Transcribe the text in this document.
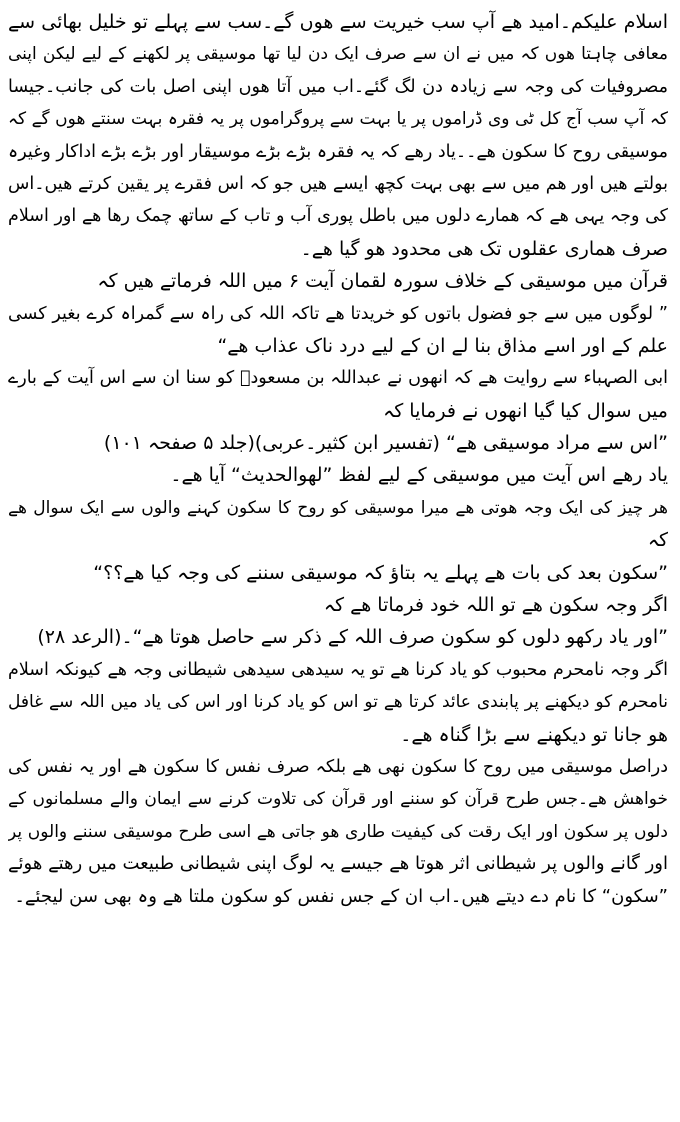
اسلام علیکم۔امید ھے آپ سب خیریت سے ھوں گے۔سب سے پہلے تو خلیل بھائی سے
معافی چاہتا ھوں کہ میں نے ان سے صرف ایک دن لیا تھا موسیقی پر لکھنے کے لیے لیکن اپنی
مصروفیات کی وجہ سے زیادہ دن لگ گئے۔اب میں آتا ھوں اپنی اصل بات کی جانب۔جیسا
کہ آپ سب آج کل ٹی وی ڈراموں پر یا بہت سے پروگراموں پر یہ فقرہ بہت سنتے ھوں گے کہ
موسیقی روح کا سکون ھے۔۔یاد رھے کہ یہ فقرہ بڑے بڑے موسیقار اور بڑے بڑے اداکار وغیرہ
بولتے ھیں اور ھم میں سے بھی بہت کچھ ایسے ھیں جو کہ اس فقرے پر یقین کرتے ھیں۔اس
کی وجہ یہی ھے کہ ھمارے دلوں میں باطل پوری آب و تاب کے ساتھ چمک رھا ھے اور اسلام
صرف ھماری عقلوں تک ھی محدود ھو گیا ھے۔
قرآن میں موسیقی کے خلاف سورہ لقمان آیت ۶ میں اللہ فرماتے ھیں کہ
” لوگوں میں سے جو فضول باتوں کو خریدتا ھے تاکہ اللہ کی راہ سے گمراہ کرے بغیر کسی
علم کے اور اسے مذاق بنا لے ان کے لیے درد ناک عذاب ھے“
ابی الصہباء سے روایت ھے کہ انھوں نے عبداللہ بن مسعودؓ کو سنا ان سے اس آیت کے بارے
میں سوال کیا گیا انھوں نے فرمایا کہ
”اس سے مراد موسیقی ھے“ (تفسیر ابن کثیر۔عربی)(جلد ۵ صفحہ ۱۰۱)
یاد رھے اس آیت میں موسیقی کے لیے لفظ ”لھوالحدیث“ آیا ھے۔
ھر چیز کی ایک وجہ ھوتی ھے میرا موسیقی کو روح کا سکون کہنے والوں سے ایک سوال ھے
کہ
”سکون بعد کی بات ھے پہلے یہ بتاؤ کہ موسیقی سننے کی وجہ کیا ھے؟؟“
اگر وجہ سکون ھے تو اللہ خود فرماتا ھے کہ
”اور یاد رکھو دلوں کو سکون صرف اللہ کے ذکر سے حاصل ھوتا ھے“۔(الرعد ۲۸)
اگر وجہ نامحرم محبوب کو یاد کرنا ھے تو یہ سیدھی سیدھی شیطانی وجہ ھے کیونکہ اسلام
نامحرم کو دیکھنے پر پابندی عائد کرتا ھے تو اس کو یاد کرنا اور اس کی یاد میں اللہ سے غافل
ھو جانا تو دیکھنے سے بڑا گناہ ھے۔
دراصل موسیقی میں روح کا سکون نھی ھے بلکہ صرف نفس کا سکون ھے اور یہ نفس کی
خواھش ھے۔جس طرح قرآن کو سننے اور قرآن کی تلاوت کرنے سے ایمان والے مسلمانوں کے
دلوں پر سکون اور ایک رقت کی کیفیت طاری ھو جاتی ھے اسی طرح موسیقی سننے والوں پر
اور گانے والوں پر شیطانی اثر ھوتا ھے جیسے یہ لوگ اپنی شیطانی طبیعت میں رھتے ھوئے
”سکون“ کا نام دے دیتے ھیں۔اب ان کے جس نفس کو سکون ملتا ھے وہ بھی سن لیجئے۔
